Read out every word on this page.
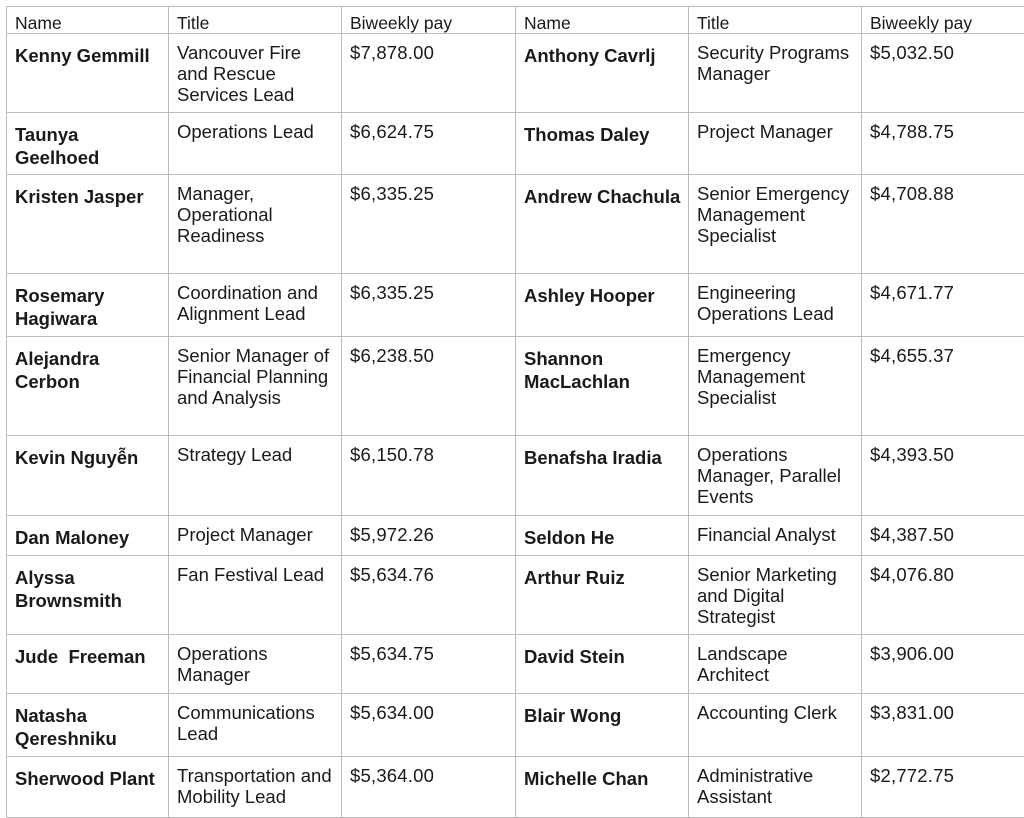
Name	Title	Biweekly pay	Name	Title	Biweekly pay
Kenny Gemmill	Vancouver Fire and Rescue Services Lead	$7,878.00	Anthony Cavrlj	Security Programs Manager	$5,032.50
Taunya Geelhoed	Operations Lead	$6,624.75	Thomas Daley	Project Manager	$4,788.75
Kristen Jasper	Manager, Operational Readiness	$6,335.25	Andrew Chachula	Senior Emergency Management Specialist	$4,708.88
Rosemary Hagiwara	Coordination and Alignment Lead	$6,335.25	Ashley Hooper	Engineering Operations Lead	$4,671.77
Alejandra Cerbon	Senior Manager of Financial Planning and Analysis	$6,238.50	Shannon MacLachlan	Emergency Management Specialist	$4,655.37
Kevin Nguyễn	Strategy Lead	$6,150.78	Benafsha Iradia	Operations Manager, Parallel Events	$4,393.50
Dan Maloney	Project Manager	$5,972.26	Seldon He	Financial Analyst	$4,387.50
Alyssa Brownsmith	Fan Festival Lead	$5,634.76	Arthur Ruiz	Senior Marketing and Digital Strategist	$4,076.80
Jude  Freeman	Operations Manager	$5,634.75	David Stein	Landscape Architect	$3,906.00
Natasha Qereshniku	Communications Lead	$5,634.00	Blair Wong	Accounting Clerk	$3,831.00
Sherwood Plant	Transportation and Mobility Lead	$5,364.00	Michelle Chan	Administrative Assistant	$2,772.75
